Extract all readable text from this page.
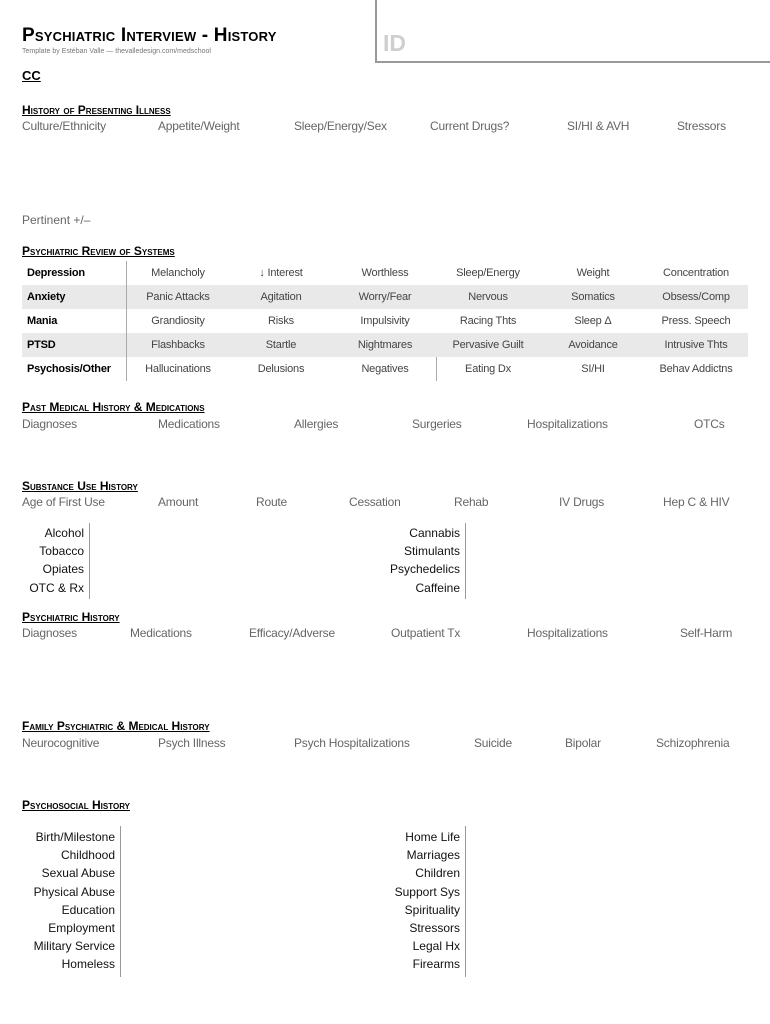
Psychiatric Interview - History
Template by Estéban Valle — thevalledesign.com/medschool	ID
CC
History of Presenting Illness
Culture/Ethnicity	Appetite/Weight	Sleep/Energy/Sex	Current Drugs?	SI/HI & AVH	Stressors
Pertinent +/–
Psychiatric Review of Systems
Depression	Melancholy	↓ Interest	Worthless	Sleep/Energy	Weight	Concentration
Anxiety	Panic Attacks	Agitation	Worry/Fear	Nervous	Somatics	Obsess/Comp
Mania	Grandiosity	Risks	Impulsivity	Racing Thts	Sleep Δ	Press. Speech
PTSD	Flashbacks	Startle	Nightmares	Pervasive Guilt	Avoidance	Intrusive Thts
Psychosis/Other	Hallucinations	Delusions	Negatives	Eating Dx	SI/HI	Behav Addictns
Past Medical History & Medications
Diagnoses	Medications	Allergies	Surgeries	Hospitalizations	OTCs
Substance Use History
Age of First Use	Amount	Route	Cessation	Rehab	IV Drugs	Hep C & HIV
Alcohol
Tobacco
Opiates
OTC & Rx
Cannabis
Stimulants
Psychedelics
Caffeine
Psychiatric History
Diagnoses	Medications	Efficacy/Adverse	Outpatient Tx	Hospitalizations	Self-Harm
Family Psychiatric & Medical History
Neurocognitive	Psych Illness	Psych Hospitalizations	Suicide	Bipolar	Schizophrenia
Psychosocial History
Birth/Milestone
Childhood
Sexual Abuse
Physical Abuse
Education
Employment
Military Service
Homeless
Home Life
Marriages
Children
Support Sys
Spirituality
Stressors
Legal Hx
Firearms
